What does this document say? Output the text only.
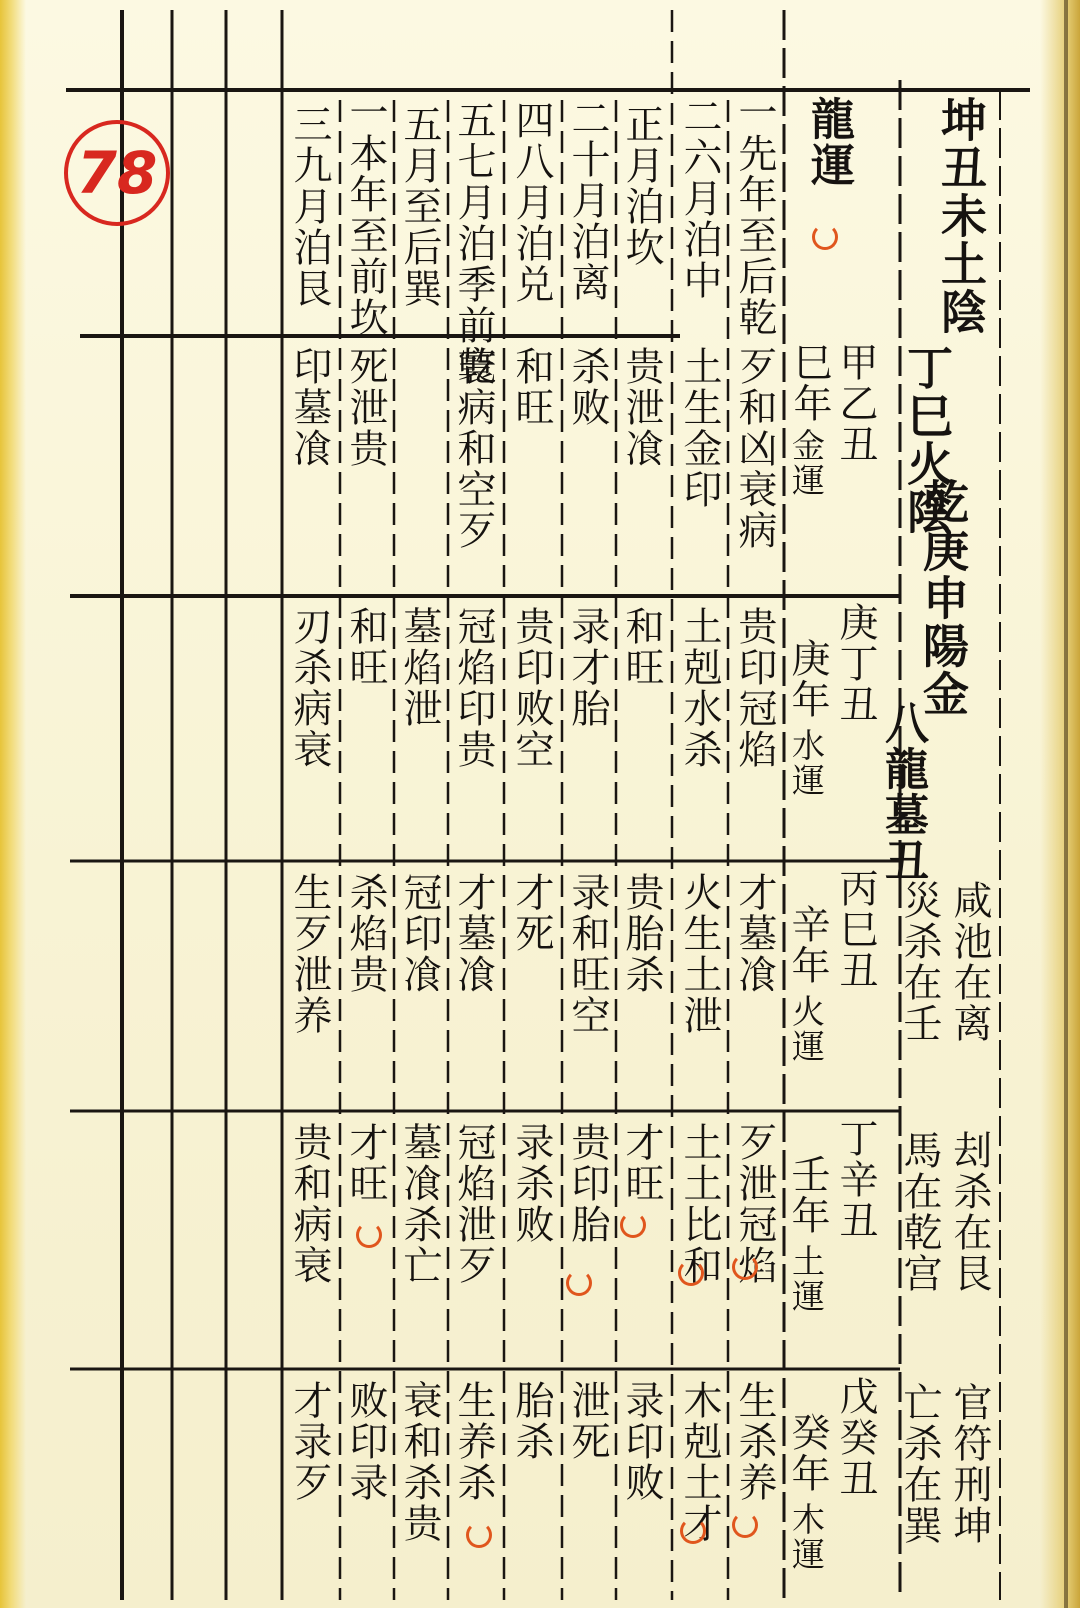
78	龍運 坤丑未土陰
丁巳火陰
乾庚申陽金
八龍墓丑
咸池在离
災杀在壬
刦杀在艮
馬在乾宫
官符刑坤
亡杀在巽
一先年至后乾
二六月泊中
正月泊坎
二十月泊离
四八月泊兑
五七月泊季前乾
五月至后巽
一本年至前坎
三九月泊艮
甲乙丑
巳年
金運
庚丁丑
庚年
水運
丙巳丑
辛年
火運
丁辛丑
壬年
土運
戊癸丑
癸年
木運
歹和凶衰病
土生金印
贵泄飡
杀败
和旺
寰病和空歹
死泄贵
印墓飡
贵印冠焰
土剋水杀
和旺
录才胎
贵印败空
冠焰印贵
墓焰泄
和旺
刃杀病衰
才墓飡
火生土泄
贵胎杀
录和旺空
才死
才墓飡
冠印飡
杀焰贵
生歹泄养
歹泄冠焰
土土比和
才旺
贵印胎
录杀败
冠焰泄歹
墓飡杀亡
才旺
贵和病衰
生杀养
木剋土才
录印败
泄死
胎杀
生养杀
衰和杀贵
败印录
才录歹
